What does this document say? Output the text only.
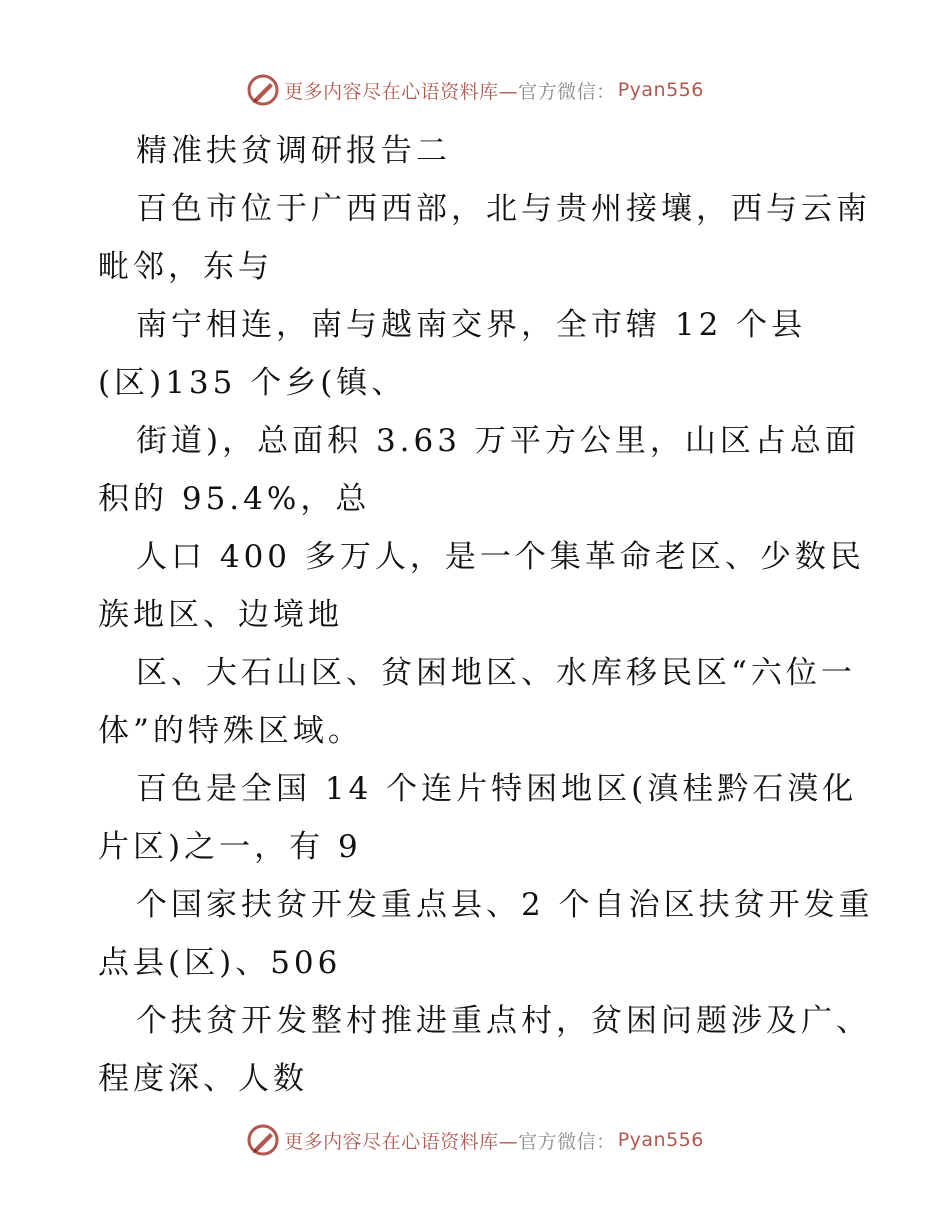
更多内容尽在心语资料库— 官方微信： Pyan556
精准扶贫调研报告二
百色市位于广西西部，北与贵州接壤，西与云南
毗邻，东与
南宁相连，南与越南交界，全市辖 12 个县
(区)135 个乡(镇、
街道)，总面积 3.63 万平方公里，山区占总面
积的 95.4%，总
人口 400 多万人，是一个集革命老区、少数民
族地区、边境地
区、大石山区、贫困地区、水库移民区“六位一
体”的特殊区域。
百色是全国 14 个连片特困地区(滇桂黔石漠化
片区)之一，有 9
个国家扶贫开发重点县、2 个自治区扶贫开发重
点县(区)、506
个扶贫开发整村推进重点村，贫困问题涉及广、
程度深、人数
更多内容尽在心语资料库— 官方微信： Pyan556
